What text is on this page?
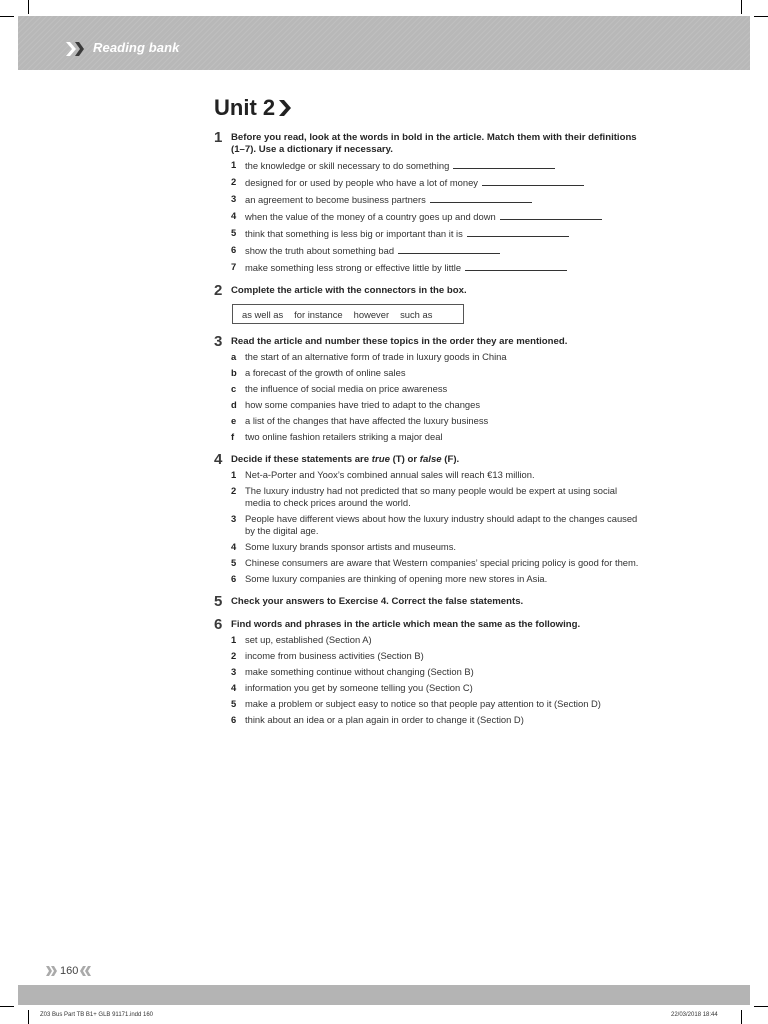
Reading bank
Unit 2
1 Before you read, look at the words in bold in the article. Match them with their definitions (1–7). Use a dictionary if necessary.
1 the knowledge or skill necessary to do something
2 designed for or used by people who have a lot of money
3 an agreement to become business partners
4 when the value of the money of a country goes up and down
5 think that something is less big or important than it is
6 show the truth about something bad
7 make something less strong or effective little by little
2 Complete the article with the connectors in the box.
as well as for instance however such as
3 Read the article and number these topics in the order they are mentioned.
a the start of an alternative form of trade in luxury goods in China
b a forecast of the growth of online sales
c the influence of social media on price awareness
d how some companies have tried to adapt to the changes
e a list of the changes that have affected the luxury business
f	two online fashion retailers striking a major deal
4 Decide if these statements are true (T) or false (F).
1 Net-a-Porter and Yoox’s combined annual sales will reach €13 million.
2 The luxury industry had not predicted that so many people would be expert at using social media to check prices around the world.
3 People have different views about how the luxury industry should adapt to the changes caused by the digital age.
4 Some luxury brands sponsor artists and museums.
5 Chinese consumers are aware that Western companies’ special pricing policy is good for them.
6 Some luxury companies are thinking of opening more new stores in Asia.
5 Check your answers to Exercise 4. Correct the false statements.
6 Find words and phrases in the article which mean the same as the following.
1 set up, established (Section A)
2 income from business activities (Section B)
3 make something continue without changing (Section B)
4 information you get by someone telling you (Section C)
5 make a problem or subject easy to notice so that people pay attention to it (Section D)
6 think about an idea or a plan again in order to change it (Section D)
160
Z03 Bus Part TB B1+ GLB 91171.indd 160	22/03/2018 18:44
